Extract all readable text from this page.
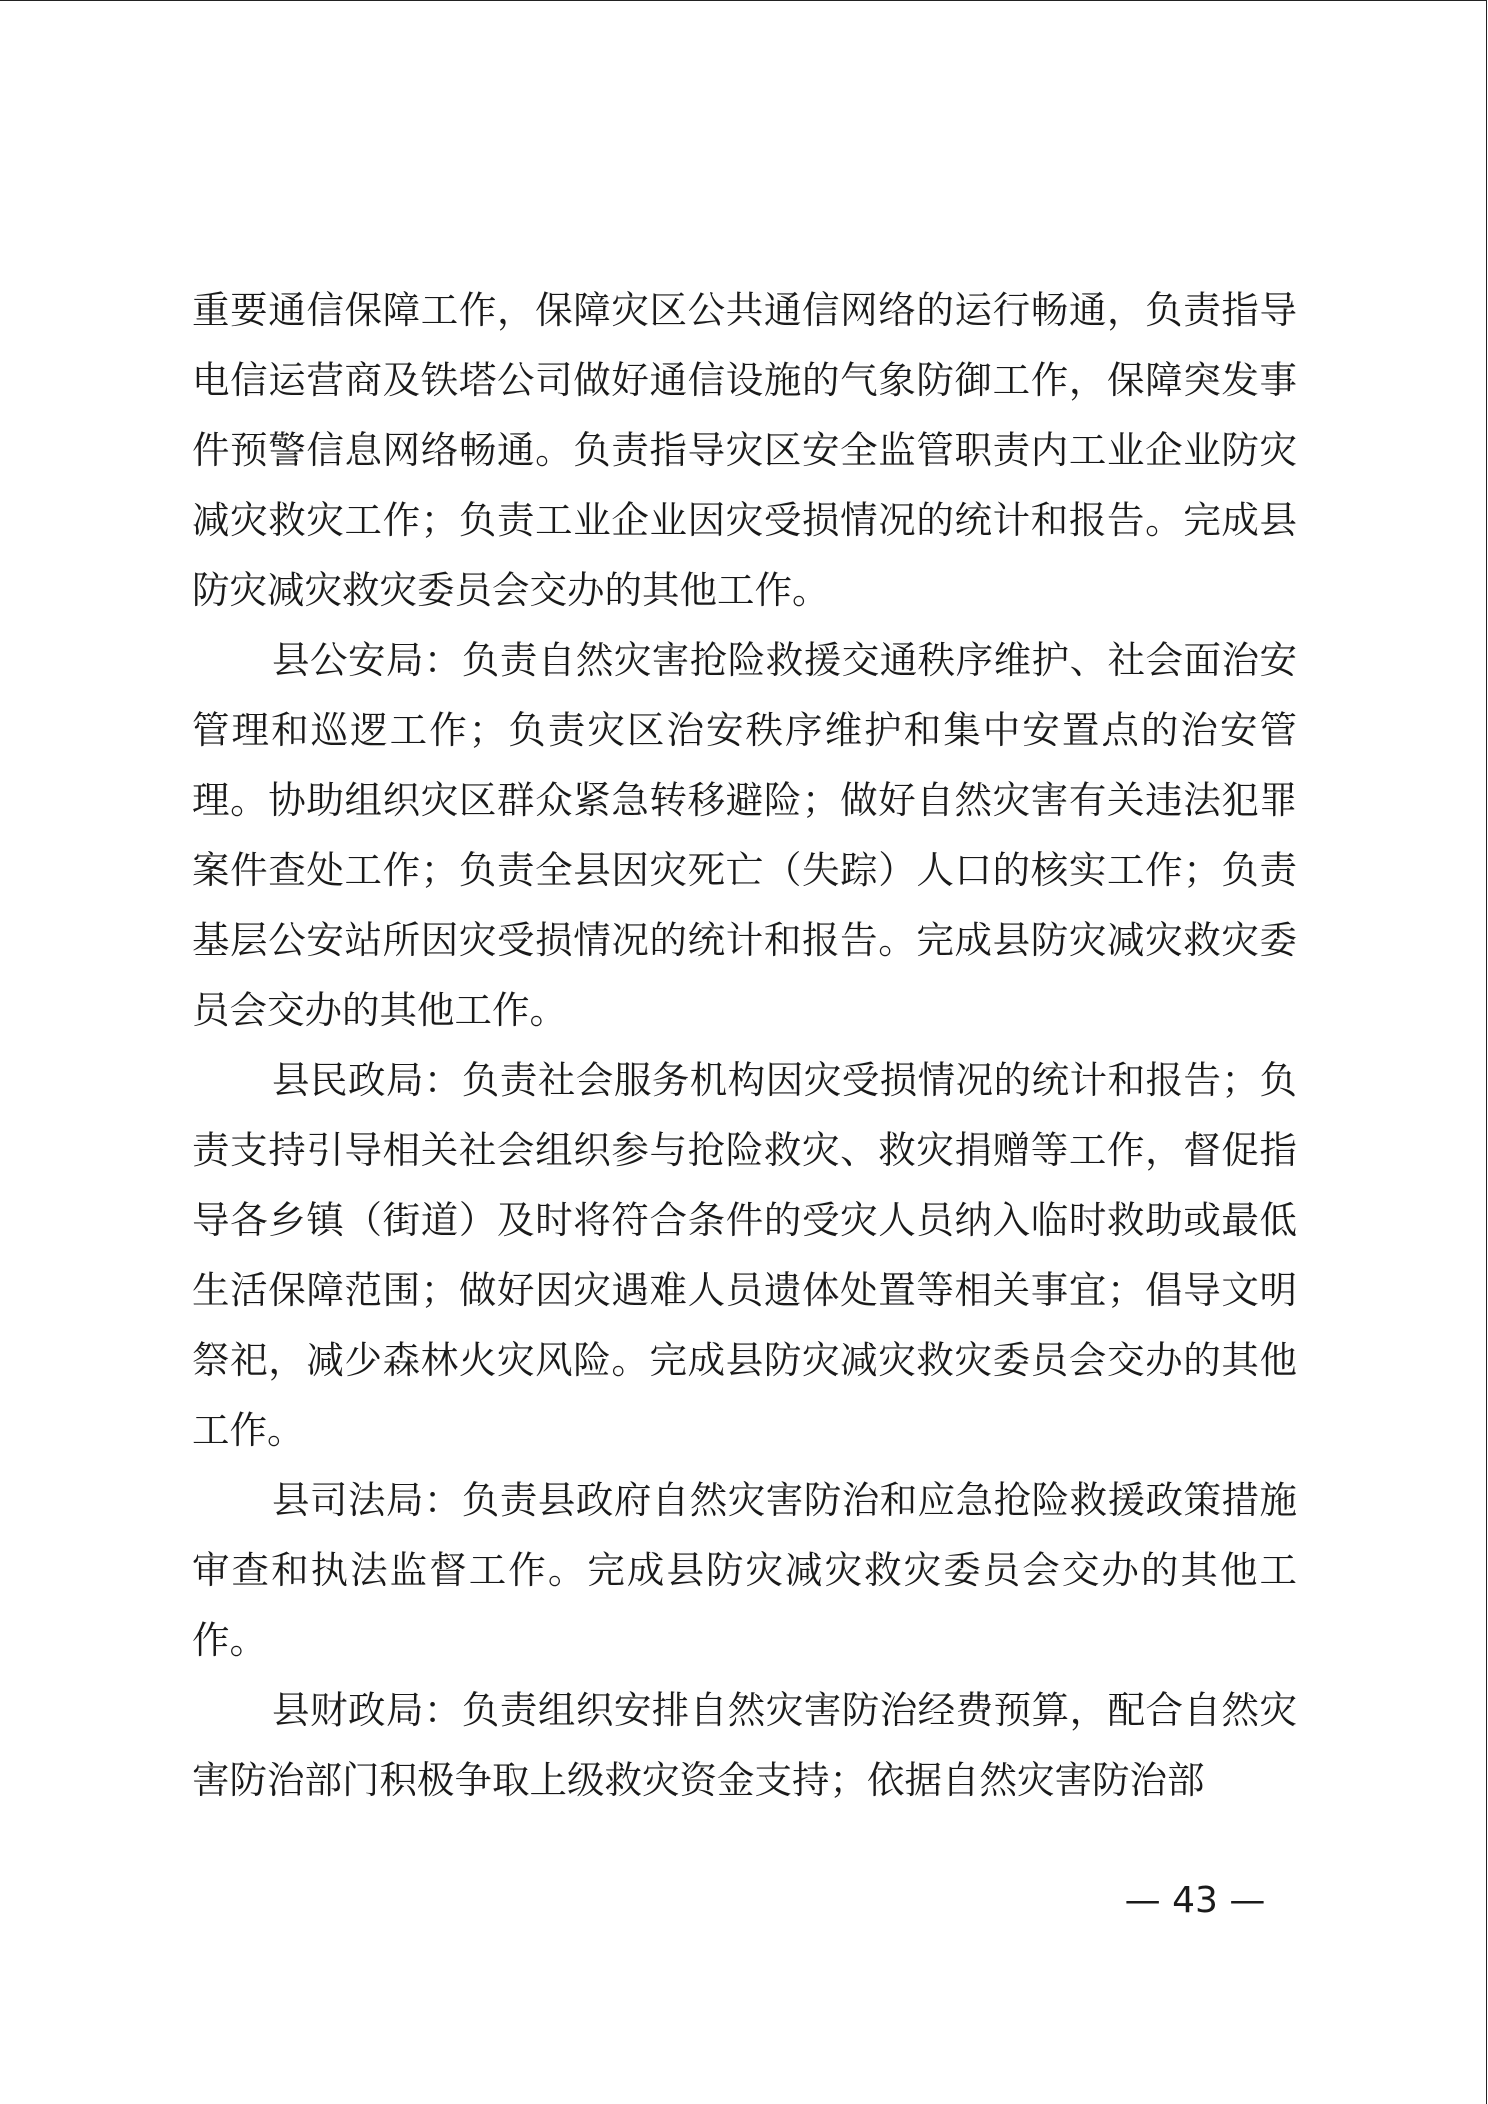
重要通信保障工作，保障灾区公共通信网络的运行畅通，负责指导电信运营商及铁塔公司做好通信设施的气象防御工作，保障突发事件预警信息网络畅通。负责指导灾区安全监管职责内工业企业防灾减灾救灾工作；负责工业企业因灾受损情况的统计和报告。完成县防灾减灾救灾委员会交办的其他工作。

县公安局：负责自然灾害抢险救援交通秩序维护、社会面治安管理和巡逻工作；负责灾区治安秩序维护和集中安置点的治安管理。协助组织灾区群众紧急转移避险；做好自然灾害有关违法犯罪案件查处工作；负责全县因灾死亡（失踪）人口的核实工作；负责基层公安站所因灾受损情况的统计和报告。完成县防灾减灾救灾委员会交办的其他工作。

县民政局：负责社会服务机构因灾受损情况的统计和报告；负责支持引导相关社会组织参与抢险救灾、救灾捐赠等工作，督促指导各乡镇（街道）及时将符合条件的受灾人员纳入临时救助或最低生活保障范围；做好因灾遇难人员遗体处置等相关事宜；倡导文明祭祀，减少森林火灾风险。完成县防灾减灾救灾委员会交办的其他工作。

县司法局：负责县政府自然灾害防治和应急抢险救援政策措施审查和执法监督工作。完成县防灾减灾救灾委员会交办的其他工作。

县财政局：负责组织安排自然灾害防治经费预算，配合自然灾害防治部门积极争取上级救灾资金支持；依据自然灾害防治部

— 43 —
